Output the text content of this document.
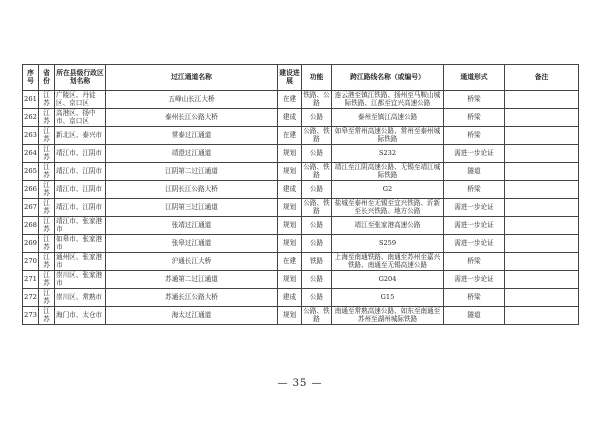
序号	省份	所在县级行政区划名称	过江通道名称	建设进展	功能	跨江路线名称（或编号）	通道形式	备注
261	江苏	广陵区、丹徒区、京口区	五峰山长江大桥	在建	铁路、公路	连云港至镇江铁路、扬州至马鞍山城际铁路、江都至宜兴高速公路	桥梁	
262	江苏	高港区、扬中市、京口区	泰州长江公路大桥	建成	公路	泰州至镇江高速公路	桥梁	
263	江苏	新北区、泰兴市	常泰过江通道	在建	公路、铁路	如皋至常州高速公路、常州至泰州城际铁路	桥梁	
264	江苏	靖江市、江阴市	靖澄过江通道	规划	公路	S232	需进一步论证	
265	江苏	靖江市、江阴市	江阴第二过江通道	规划	公路、铁路	靖江至江阴高速公路、无锡至靖江城际铁路	隧道	
266	江苏	靖江市、江阴市	江阴长江公路大桥	建成	公路	G2	桥梁	
267	江苏	靖江市、江阴市	江阴第三过江通道	规划	公路、铁路	盐城至泰州至无锡至宜兴铁路、沂新至长兴铁路、地方公路	需进一步论证	
268	江苏	靖江市、张家港市	张靖过江通道	规划	公路	靖江至张家港高速公路	需进一步论证	
269	江苏	如皋市、张家港市	张皋过江通道	规划	公路	S259	需进一步论证	
270	江苏	通州区、张家港市	沪通长江大桥	在建	铁路	上海至南通铁路、南通至苏州至嘉兴铁路、南通至无锡高速公路	桥梁	
271	江苏	崇川区、张家港市	苏通第二过江通道	规划	公路	G204	需进一步论证	
272	江苏	崇川区、常熟市	苏通长江公路大桥	建成	公路	G15	桥梁	
273	江苏	海门市、太仓市	海太过江通道	规划	公路、铁路	南通至常熟高速公路、如东至南通至苏州至湖州城际铁路	隧道	
— 35 —
